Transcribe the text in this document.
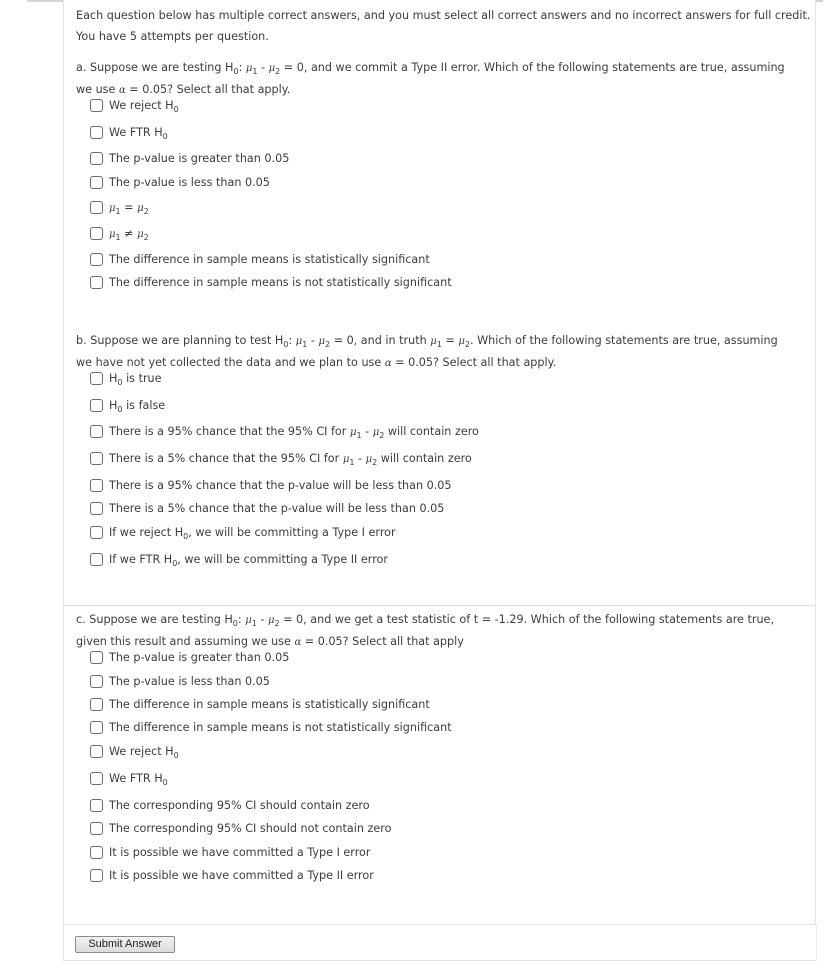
Each question below has multiple correct answers, and you must select all correct answers and no incorrect answers for full credit.
You have 5 attempts per question.
a. Suppose we are testing $H_0$: $\mu_1 - \mu_2 = 0$, and we commit a Type II error. Which of the following statements are true, assuming
we use α = 0.05? Select all that apply.
We reject $H_0$
We FTR $H_0$
The p-value is greater than 0.05
The p-value is less than 0.05
$\mu_1 = \mu_2$
$\mu_1 \ne \mu_2$
The difference in sample means is statistically significant
The difference in sample means is not statistically significant
b. Suppose we are planning to test $H_0$: $\mu_1 - \mu_2 = 0$, and in truth $\mu_1 = \mu_2$. Which of the following statements are true, assuming
we have not yet collected the data and we plan to use α = 0.05? Select all that apply.
$H_0$ is true
$H_0$ is false
There is a 95% chance that the 95% CI for $\mu_1 - \mu_2$ will contain zero
There is a 5% chance that the 95% CI for $\mu_1 - \mu_2$ will contain zero
There is a 95% chance that the p-value will be less than 0.05
There is a 5% chance that the p-value will be less than 0.05
If we reject $H_0$, we will be committing a Type I error
If we FTR $H_0$, we will be committing a Type II error
c. Suppose we are testing $H_0$: $\mu_1 - \mu_2 = 0$, and we get a test statistic of t = -1.29. Which of the following statements are true,
given this result and assuming we use α = 0.05? Select all that apply
The p-value is greater than 0.05
The p-value is less than 0.05
The difference in sample means is statistically significant
The difference in sample means is not statistically significant
We reject $H_0$
We FTR $H_0$
The corresponding 95% CI should contain zero
The corresponding 95% CI should not contain zero
It is possible we have committed a Type I error
It is possible we have committed a Type II error
Submit Answer
